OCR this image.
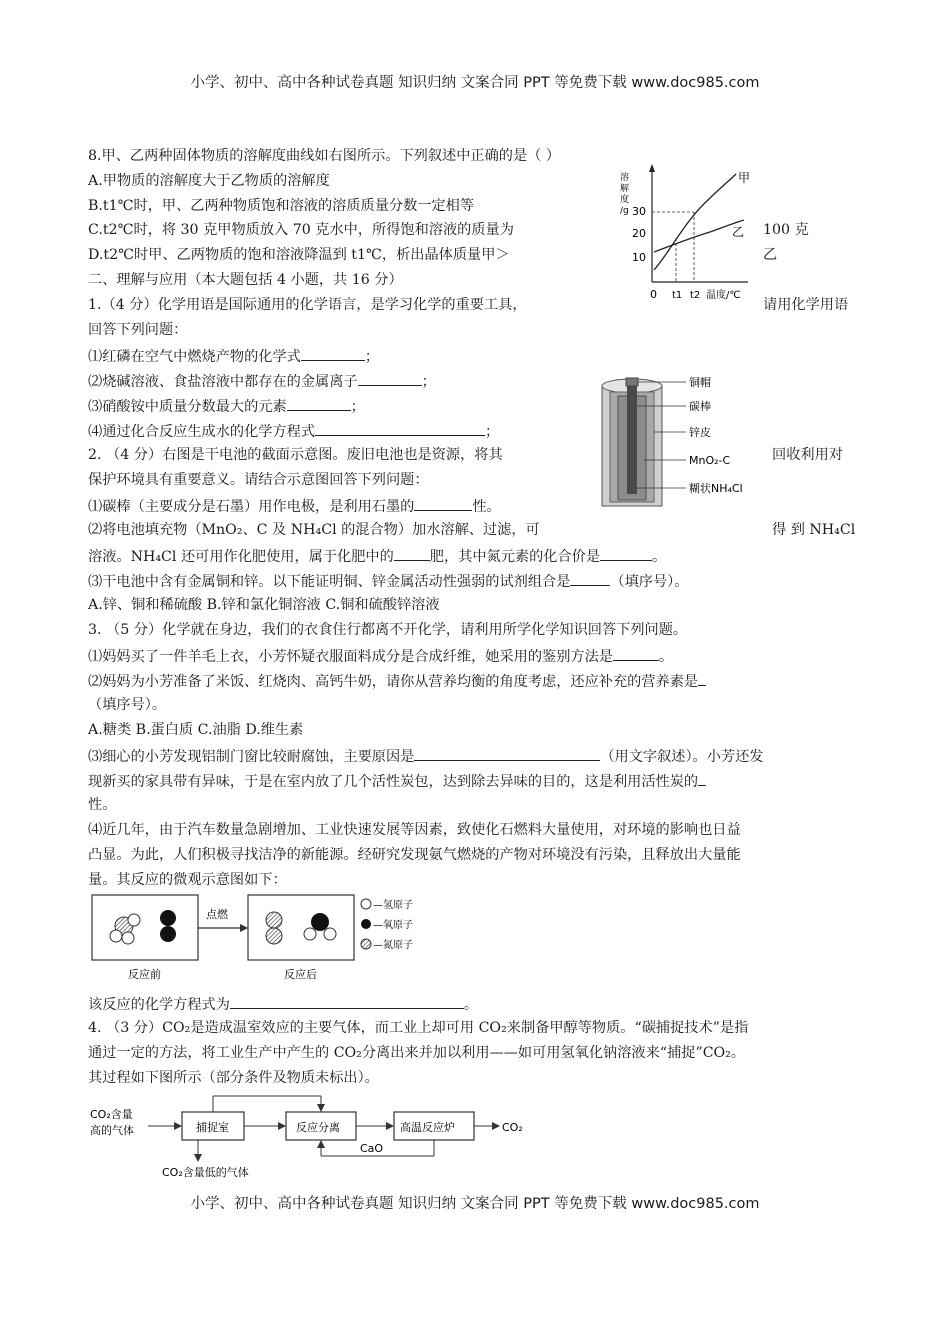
小学、初中、高中各种试卷真题 知识归纳 文案合同 PPT 等免费下载 www.doc985.com
8.甲、乙两种固体物质的溶解度曲线如右图所示。下列叙述中正确的是（ ）
A.甲物质的溶解度大于乙物质的溶解度
B.t1℃时，甲、乙两种物质饱和溶液的溶质质量分数一定相等
C.t2℃时，将 30 克甲物质放入 70 克水中，所得饱和溶液的质量为	100 克
D.t2℃时甲、乙两物质的饱和溶液降温到 t1℃，析出晶体质量甲＞	乙
溶
解
度
/g 30
20
10
甲
乙
0 t1 t2 温度/℃
二、理解与应用（本大题包括 4 小题，共 16 分）
1.（4 分）化学用语是国际通用的化学语言，是学习化学的重要工具，	请用化学用语
回答下列问题：
⑴红磷在空气中燃烧产物的化学式	；
⑵烧碱溶液、食盐溶液中都存在的金属离子	；
⑶硝酸铵中质量分数最大的元素	；
⑷通过化合反应生成水的化学方程式	；
铜帽
碳棒
锌皮
MnO₂-C
糊状NH₄Cl
2. （4 分）右图是干电池的截面示意图。废旧电池也是资源，将其	回收利用对
保护环境具有重要意义。请结合示意图回答下列问题：
⑴碳棒（主要成分是石墨）用作电极，是利用石墨的	性。
⑵将电池填充物（MnO₂、C 及 NH₄Cl 的混合物）加水溶解、过滤，可	得 到 NH₄Cl
溶液。NH₄Cl 还可用作化肥使用，属于化肥中的	肥，其中氮元素的化合价是	。
⑶干电池中含有金属铜和锌。以下能证明铜、锌金属活动性强弱的试剂组合是	（填序号）。
A.锌、铜和稀硫酸 B.锌和氯化铜溶液 C.铜和硫酸锌溶液
3. （5 分）化学就在身边，我们的衣食住行都离不开化学，请利用所学化学知识回答下列问题。
⑴妈妈买了一件羊毛上衣，小芳怀疑衣服面料成分是合成纤维，她采用的鉴别方法是	。
⑵妈妈为小芳准备了米饭、红烧肉、高钙牛奶，请你从营养均衡的角度考虑，还应补充的营养素是
（填序号）。
A.糖类 B.蛋白质 C.油脂 D.维生素
⑶细心的小芳发现铝制门窗比较耐腐蚀，主要原因是	（用文字叙述）。小芳还发
现新买的家具带有异味，于是在室内放了几个活性炭包，达到除去异味的目的，这是利用活性炭的
性。
⑷近几年，由于汽车数量急剧增加、工业快速发展等因素，致使化石燃料大量使用，对环境的影响也日益
凸显。为此，人们积极寻找洁净的新能源。经研究发现氨气燃烧的产物对环境没有污染，且释放出大量能
量。其反应的微观示意图如下：
点燃
—氢原子
—氧原子
—氮原子
反应前	反应后
该反应的化学方程式为	。
4. （3 分）CO₂是造成温室效应的主要气体，而工业上却可用 CO₂来制备甲醇等物质。“碳捕捉技术”是指
通过一定的方法，将工业生产中产生的 CO₂分离出来并加以利用——如可用氢氧化钠溶液来“捕捉”CO₂。
其过程如下图所示（部分条件及物质未标出）。
CO₂含量
高的气体	捕捉室	反应分离	高温反应炉	CO₂
CaO
CO₂含量低的气体
小学、初中、高中各种试卷真题 知识归纳 文案合同 PPT 等免费下载 www.doc985.com
